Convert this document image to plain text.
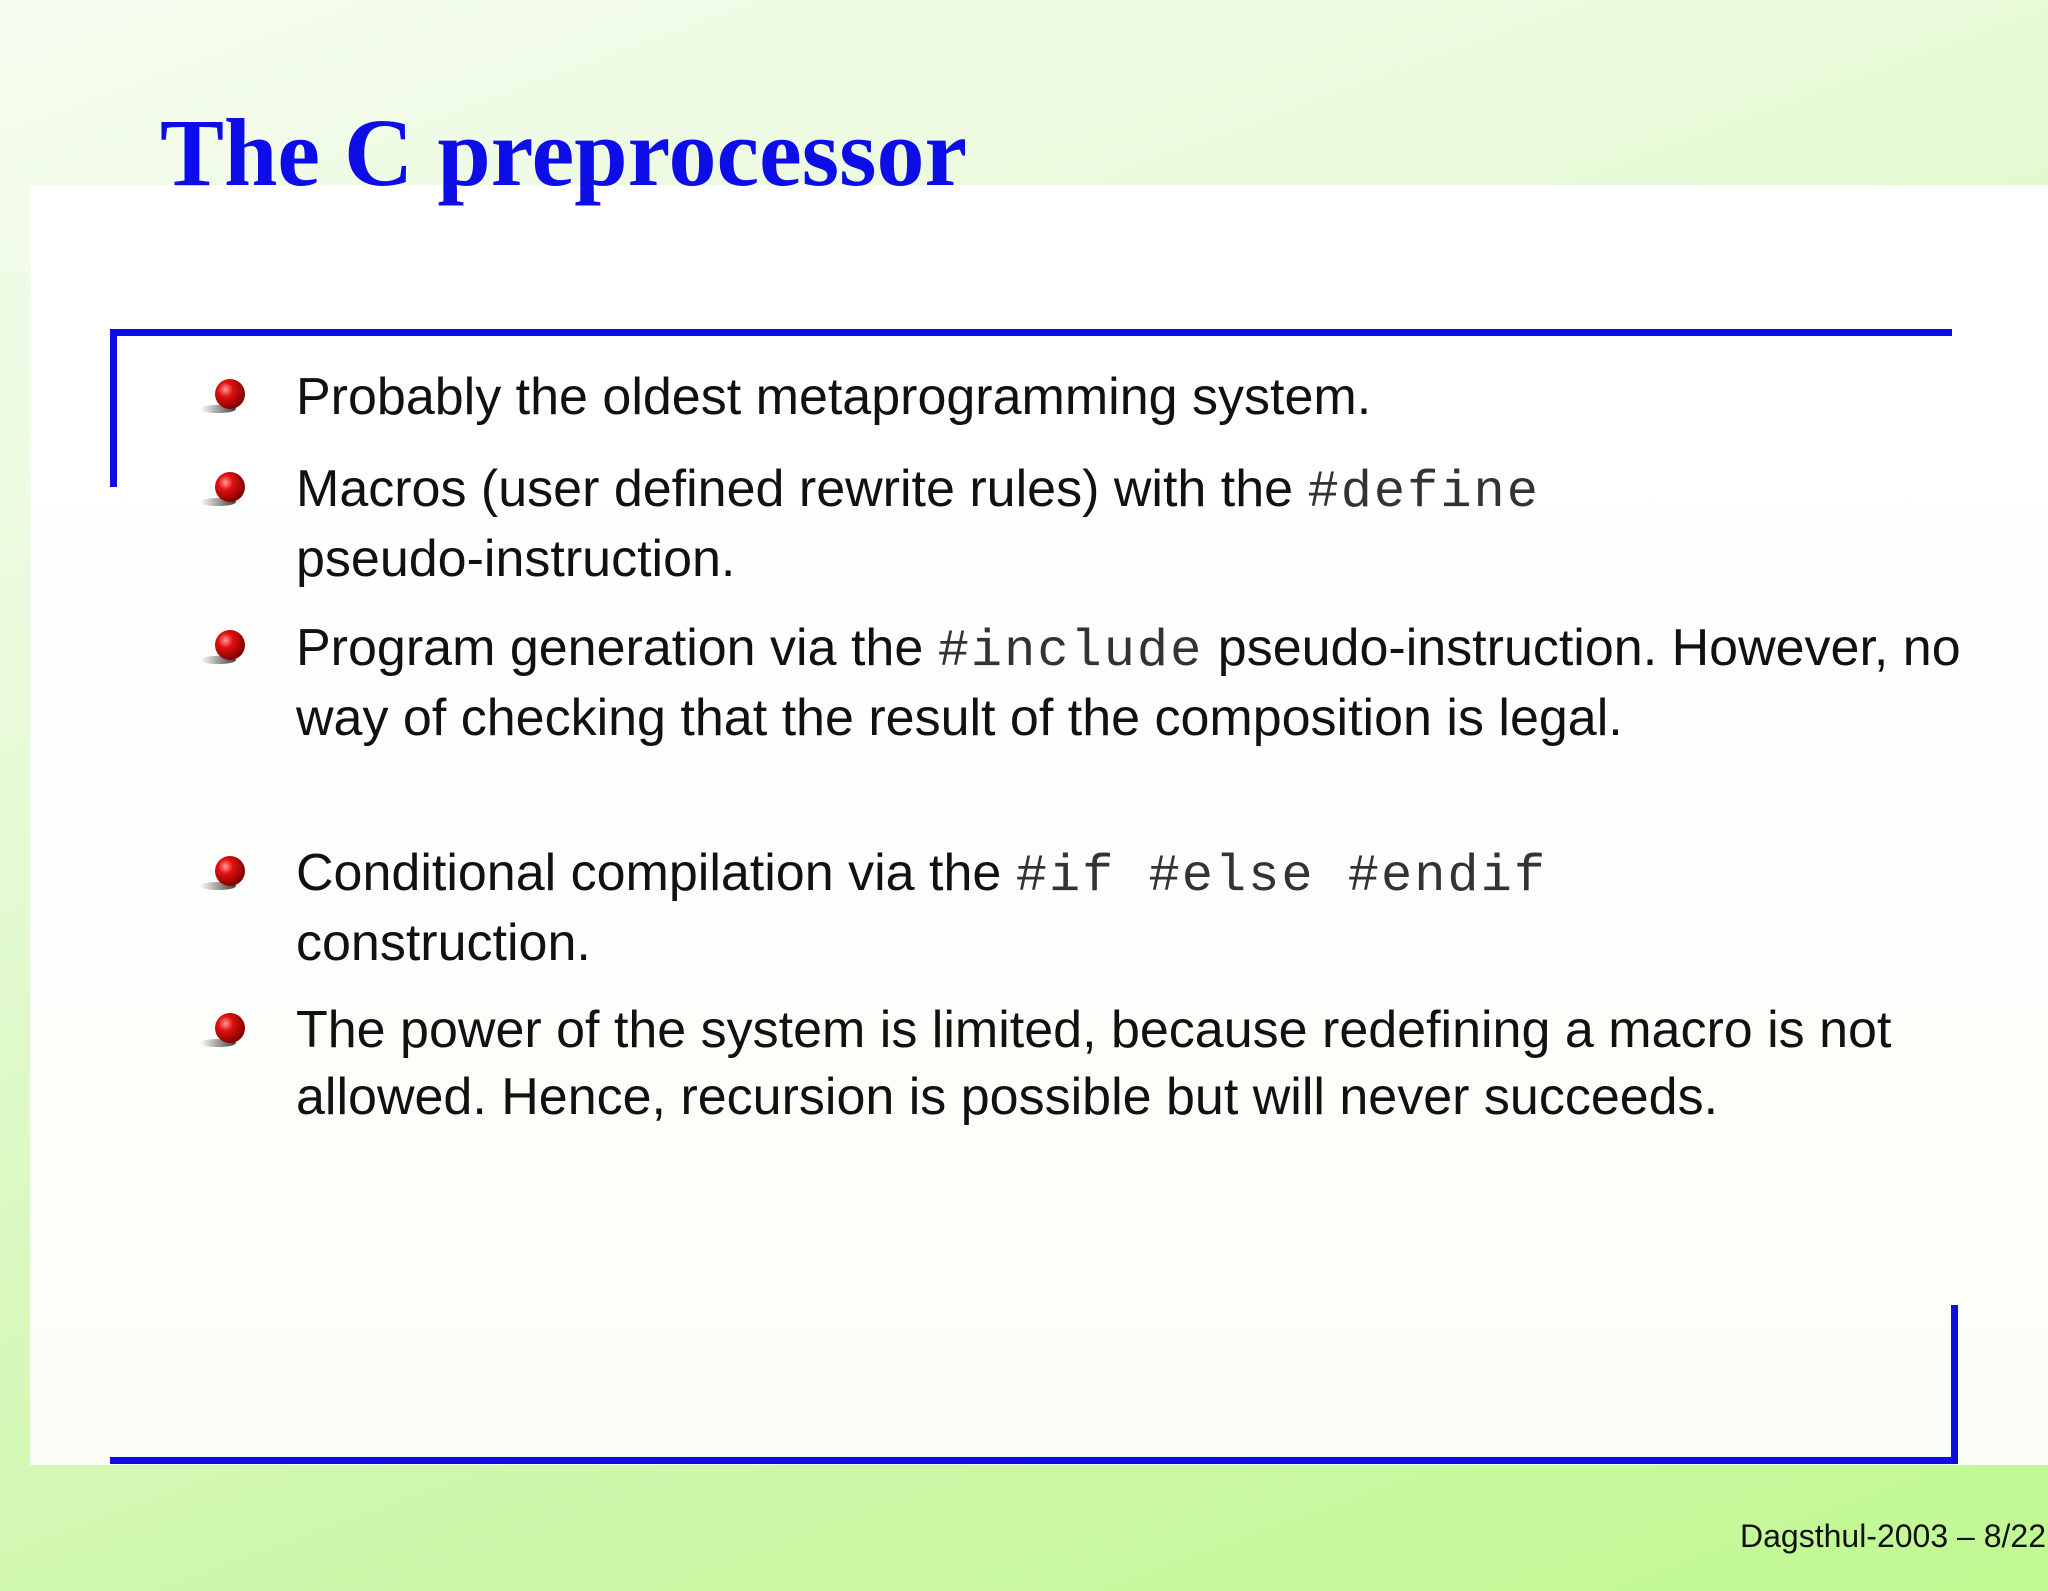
The C preprocessor

Probably the oldest metaprogramming system.

Macros (user defined rewrite rules) with the #define
pseudo-instruction.

Program generation via the #include pseudo-instruction. However, no way of checking that the result of the composition is legal.

Conditional compilation via the #if #else #endif
construction.

The power of the system is limited, because redefining a macro is not allowed. Hence, recursion is possible but will never succeeds.

Dagsthul-2003 – 8/22
